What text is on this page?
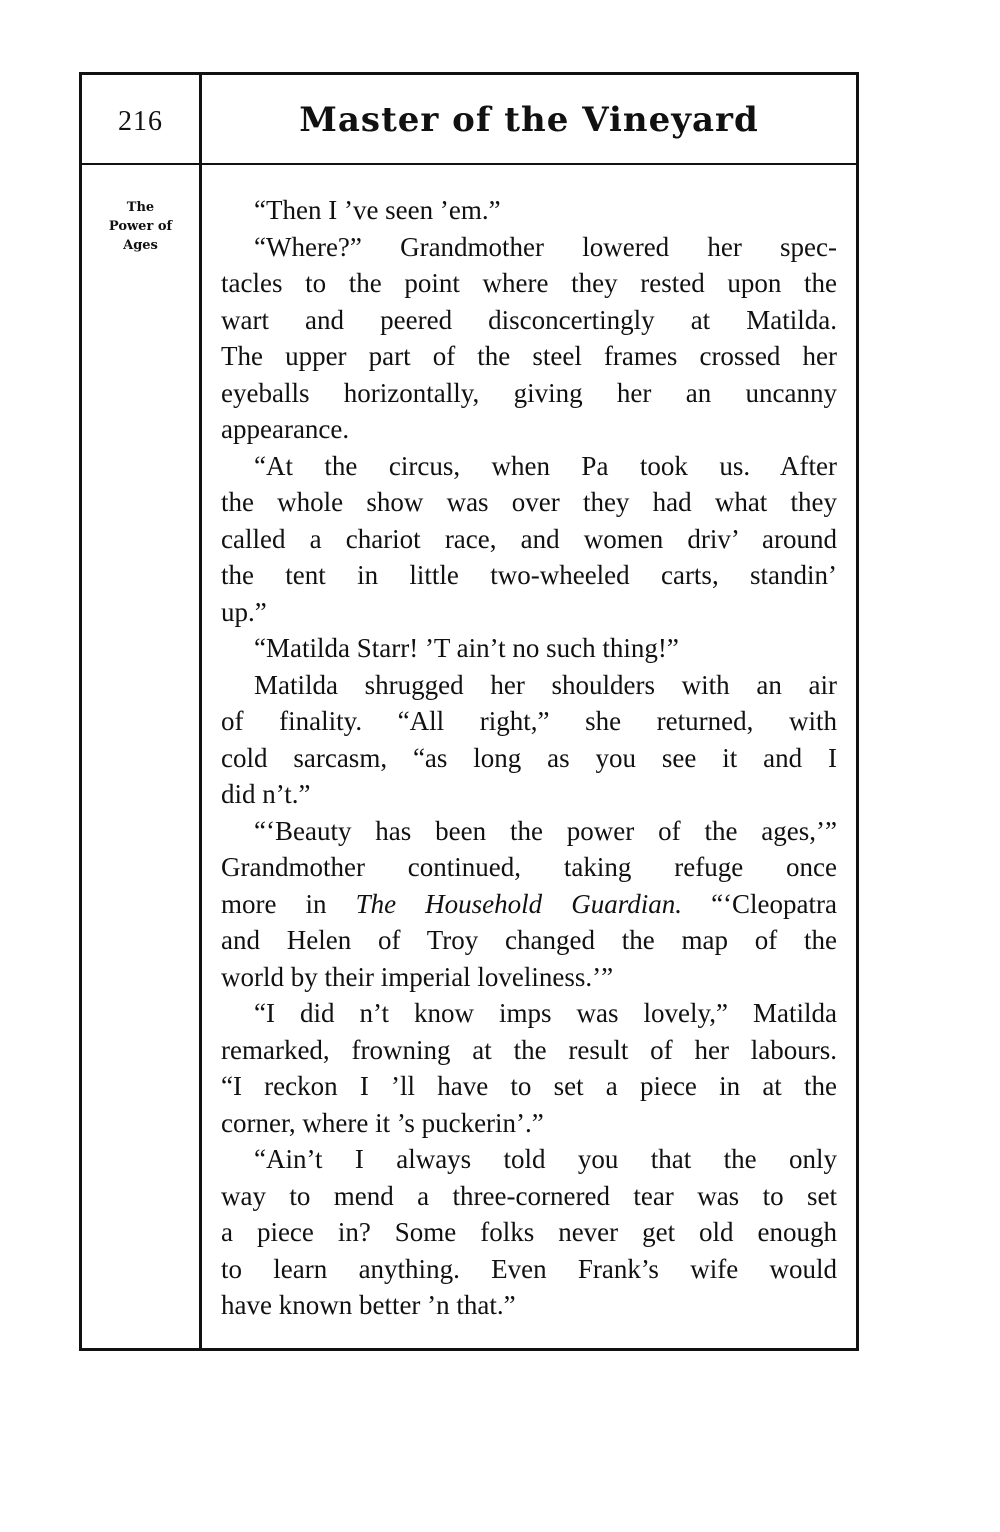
216	Master of the Vineyard
The
Power of
Ages
“Then I ’ve seen ’em.”
“Where?” Grandmother lowered her spec-
tacles to the point where they rested upon the
wart and peered disconcertingly at Matilda.
The upper part of the steel frames crossed her
eyeballs horizontally, giving her an uncanny
appearance.
“At the circus, when Pa took us. After
the whole show was over they had what they
called a chariot race, and women driv’ around
the tent in little two-wheeled carts, standin’
up.”
“Matilda Starr! ’T ain’t no such thing!”
Matilda shrugged her shoulders with an air
of finality. “All right,” she returned, with
cold sarcasm, “as long as you see it and I
did n’t.”
“‘Beauty has been the power of the ages,’”
Grandmother continued, taking refuge once
more in The Household Guardian. “‘Cleopatra
and Helen of Troy changed the map of the
world by their imperial loveliness.’”
“I did n’t know imps was lovely,” Matilda
remarked, frowning at the result of her labours.
“I reckon I ’ll have to set a piece in at the
corner, where it ’s puckerin’.”
“Ain’t I always told you that the only
way to mend a three-cornered tear was to set
a piece in? Some folks never get old enough
to learn anything. Even Frank’s wife would
have known better ’n that.”
